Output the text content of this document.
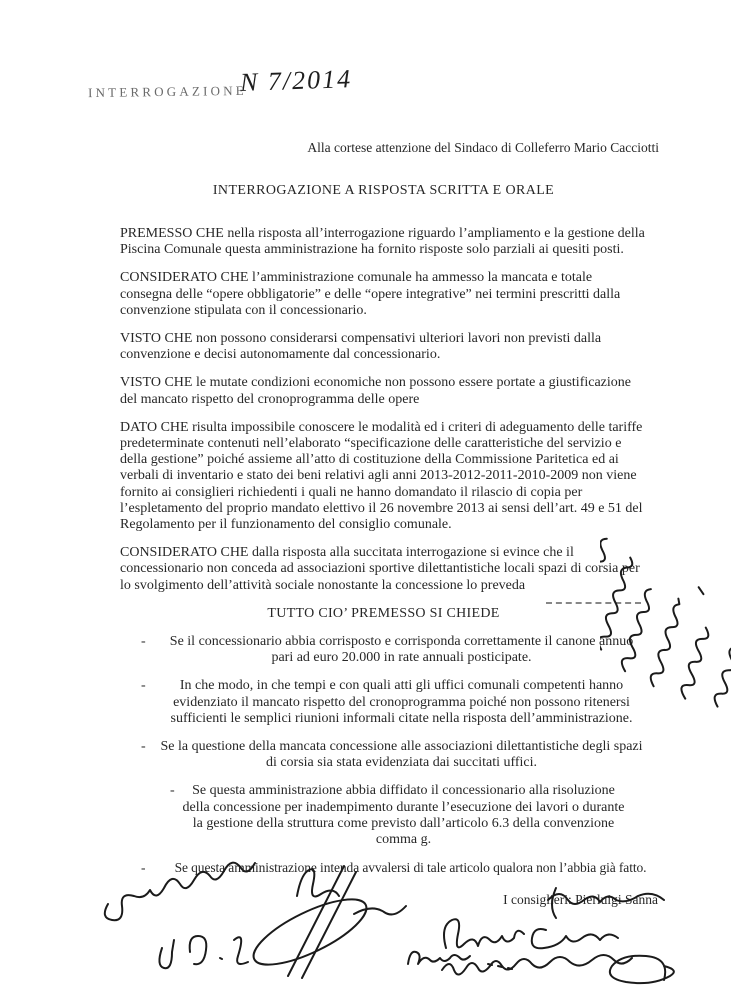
INTERROGAZIONE
N 7/2014
Alla cortese attenzione del Sindaco di Colleferro Mario Cacciotti
INTERROGAZIONE A RISPOSTA SCRITTA E ORALE

PREMESSO CHE nella risposta all’interrogazione riguardo l’ampliamento e la gestione della Piscina Comunale questa amministrazione ha fornito risposte solo parziali ai quesiti posti.

CONSIDERATO CHE l’amministrazione comunale ha ammesso la mancata e totale consegna delle “opere obbligatorie” e delle “opere integrative” nei termini prescritti dalla convenzione stipulata con il concessionario.

VISTO CHE non possono considerarsi compensativi ulteriori lavori non previsti dalla convenzione e decisi autonomamente dal concessionario.

VISTO CHE le mutate condizioni economiche non possono essere portate a giustificazione del mancato rispetto del cronoprogramma delle opere

DATO CHE risulta impossibile conoscere le modalità ed i criteri di adeguamento delle tariffe predeterminate contenuti nell’elaborato “specificazione delle caratteristiche del servizio e della gestione” poiché assieme all’atto di costituzione della Commissione Paritetica ed ai verbali di inventario e stato dei beni relativi agli anni 2013-2012-2011-2010-2009 non viene fornito ai consiglieri richiedenti i quali ne hanno domandato il rilascio di copia per l’espletamento del proprio mandato elettivo il 26 novembre 2013 ai sensi dell’art. 49 e 51 del Regolamento per il funzionamento del consiglio comunale.

CONSIDERATO CHE dalla risposta alla succitata interrogazione si evince che il concessionario non conceda ad associazioni sportive dilettantistiche locali spazi di corsia per lo svolgimento dell’attività sociale nonostante la concessione lo preveda

TUTTO CIO’ PREMESSO SI CHIEDE

- Se il concessionario abbia corrisposto e corrisponda correttamente il canone annuo pari ad euro 20.000 in rate annuali posticipate.
- In che modo, in che tempi e con quali atti gli uffici comunali competenti hanno evidenziato il mancato rispetto del cronoprogramma poiché non possono ritenersi sufficienti le semplici riunioni informali citate nella risposta dell’amministrazione.
- Se la questione della mancata concessione alle associazioni dilettantistiche degli spazi di corsia sia stata evidenziata dai succitati uffici.
- Se questa amministrazione abbia diffidato il concessionario alla risoluzione della concessione per inadempimento durante l’esecuzione dei lavori o durante la gestione della struttura come previsto dall’articolo 6.3 della convenzione comma g.
- Se questa amministrazione intenda avvalersi di tale articolo qualora non l’abbia già fatto.
I consiglieri: Pierluigi Sanna
